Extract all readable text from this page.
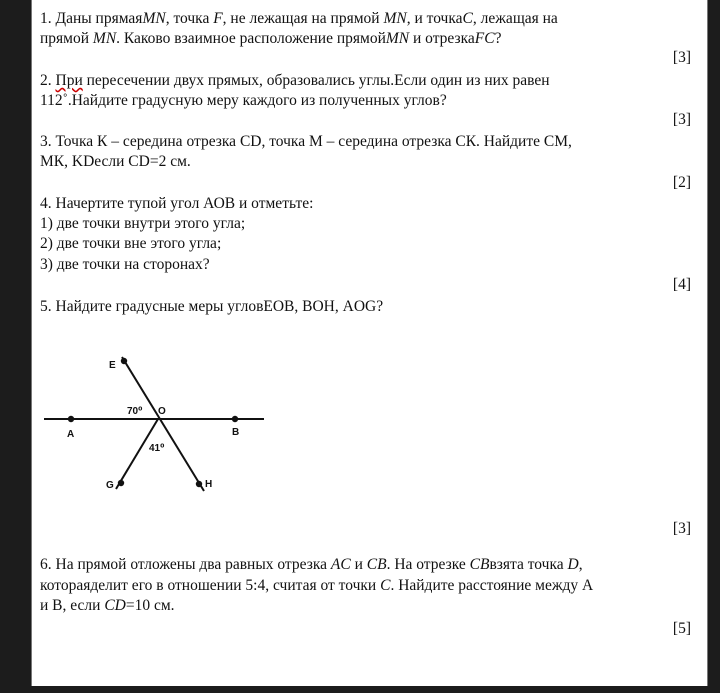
1. Даны прямаяMN, точка F, не лежащая на прямой MN, и точкаC, лежащая на
прямой MN. Каково взаимное расположение прямойMN и отрезкаFC?
[3]
2. При пересечении двух прямых, образовались углы.Если один из них равен
112˚.Найдите градусную меру каждого из полученных углов?
[3]
3. Точка К – середина отрезка CD, точка М – середина отрезка СК. Найдите СМ,
МК, KDесли CD=2 см.
[2]
4. Начертите тупой угол АОВ и отметьте:
1) две точки внутри этого угла;
2) две точки вне этого угла;
3) две точки на сторонах?
[4]
5. Найдите градусные меры угловЕОВ, ВОН, AOG?
E
O
A	B
G	H
70⁰
41⁰
[3]
6. На прямой отложены два равных отрезка AC и CB. На отрезке CBвзята точка D,
котораяделит его в отношении 5:4, считая от точки C. Найдите расстояние между А
и В, если CD=10 см.
[5]
